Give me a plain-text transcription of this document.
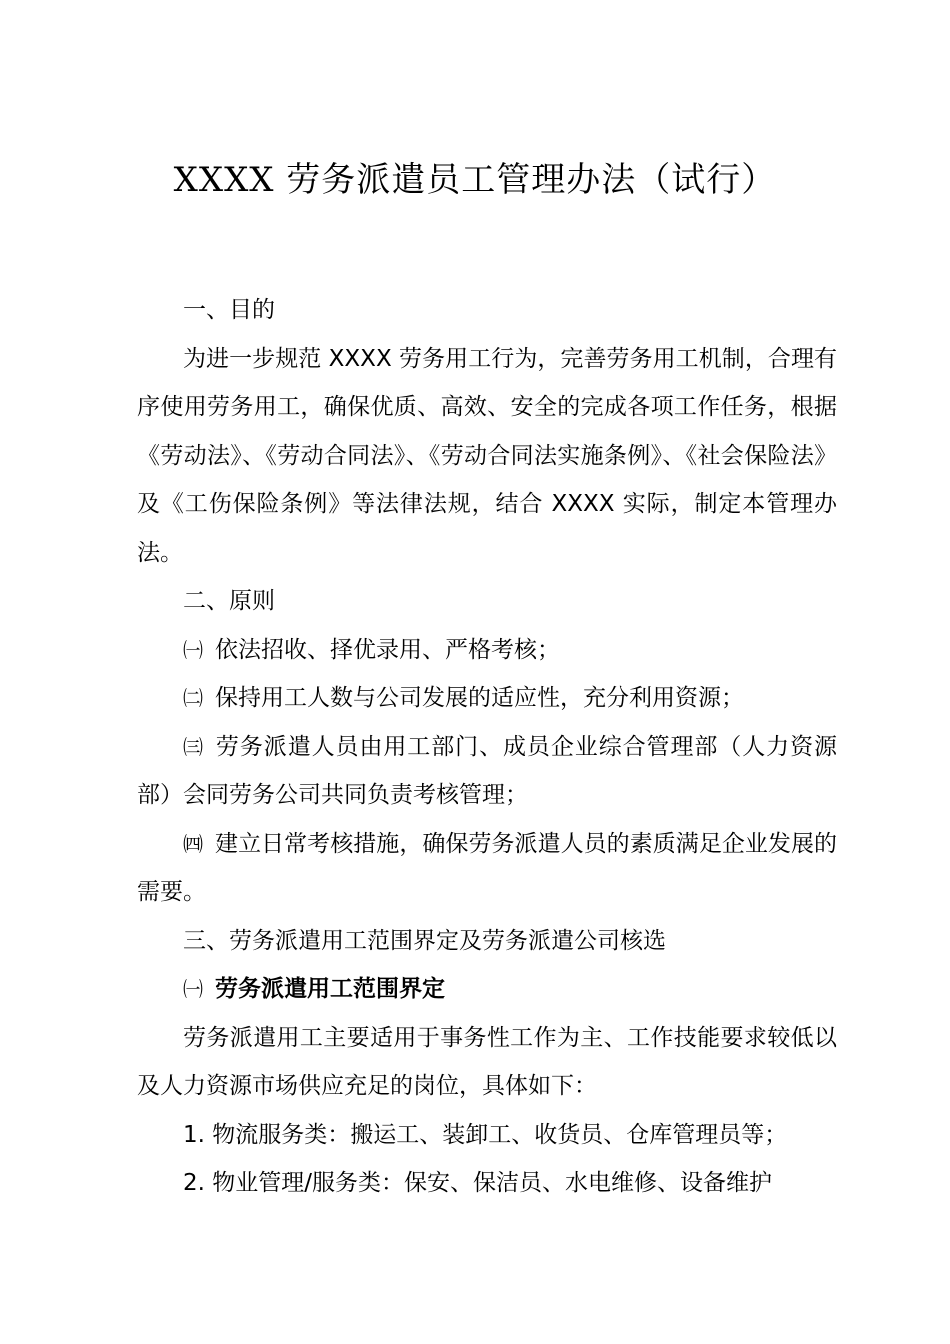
XXXX 劳务派遣员工管理办法（试行）

一、目的

为进一步规范 XXXX 劳务用工行为，完善劳务用工机制，合理有序使用劳务用工，确保优质、高效、安全的完成各项工作任务，根据《劳动法》、《劳动合同法》、《劳动合同法实施条例》、《社会保险法》及《工伤保险条例》等法律法规，结合 XXXX 实际，制定本管理办法。

二、原则

㈠ 依法招收、择优录用、严格考核；

㈡ 保持用工人数与公司发展的适应性，充分利用资源；

㈢ 劳务派遣人员由用工部门、成员企业综合管理部（人力资源部）会同劳务公司共同负责考核管理；

㈣ 建立日常考核措施，确保劳务派遣人员的素质满足企业发展的需要。

三、劳务派遣用工范围界定及劳务派遣公司核选

㈠ 劳务派遣用工范围界定

劳务派遣用工主要适用于事务性工作为主、工作技能要求较低以及人力资源市场供应充足的岗位，具体如下：

1. 物流服务类：搬运工、装卸工、收货员、仓库管理员等；

2. 物业管理/服务类：保安、保洁员、水电维修、设备维护
